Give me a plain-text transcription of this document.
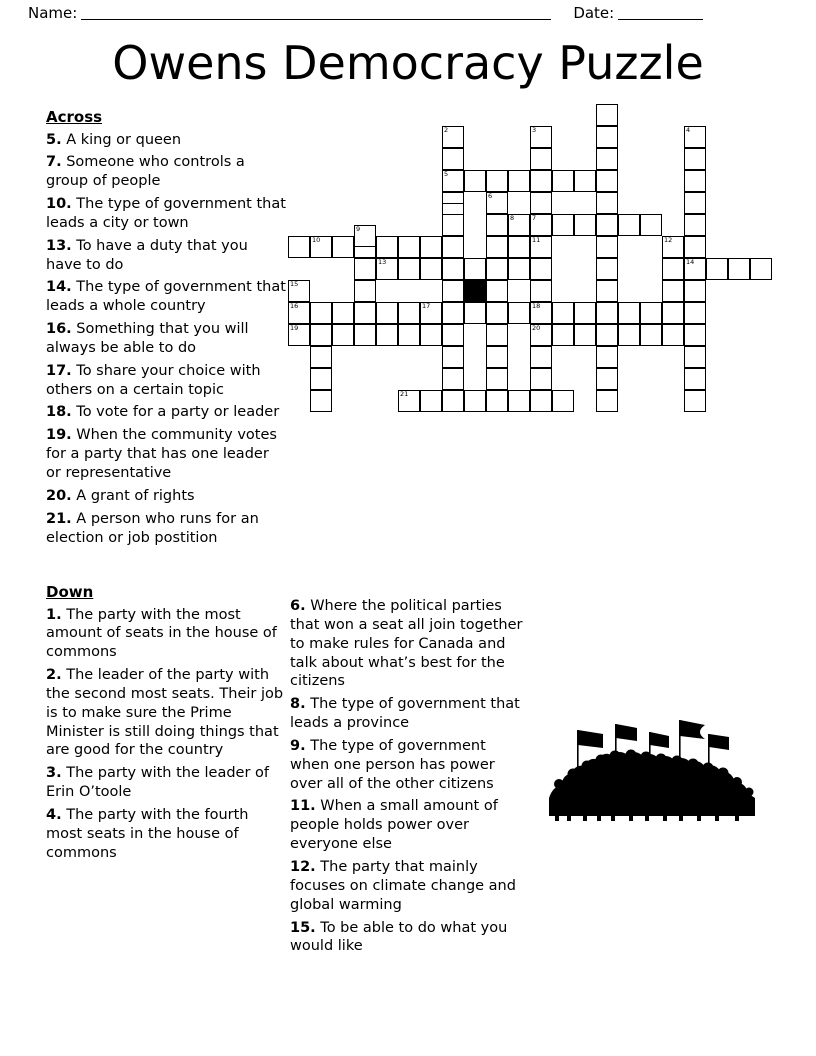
Name:	Date:
Owens Democracy Puzzle
Across
5. A king or queen
7. Someone who controls a group of people
10. The type of government that leads a city or town
13. To have a duty that you have to do
14. The type of government that leads a whole country
16. Something that you will always be able to do
17. To share your choice with others on a certain topic
18. To vote for a party or leader
19. When the community votes for a party that has one leader or representative
20. A grant of rights
21. A person who runs for an election or job postition
Down
1. The party with the most amount of seats in the house of commons
2. The leader of the party with the second most seats. Their job is to make sure the Prime Minister is still doing things that are good for the country
3. The party with the leader of Erin O’toole
4. The party with the fourth most seats in the house of commons
6. Where the political parties that won a seat all join together to make rules for Canada and talk about what’s best for the citizens
8. The type of government that leads a province
9. The type of government when one person has power over all of the other citizens
11. When a small amount of people holds power over everyone else
12. The party that mainly focuses on climate change and global warming
15. To be able to do what you would like
2	3	4
5
6
7
8
10	11	12
9
13	14
15
16	17	18
19	20
21
